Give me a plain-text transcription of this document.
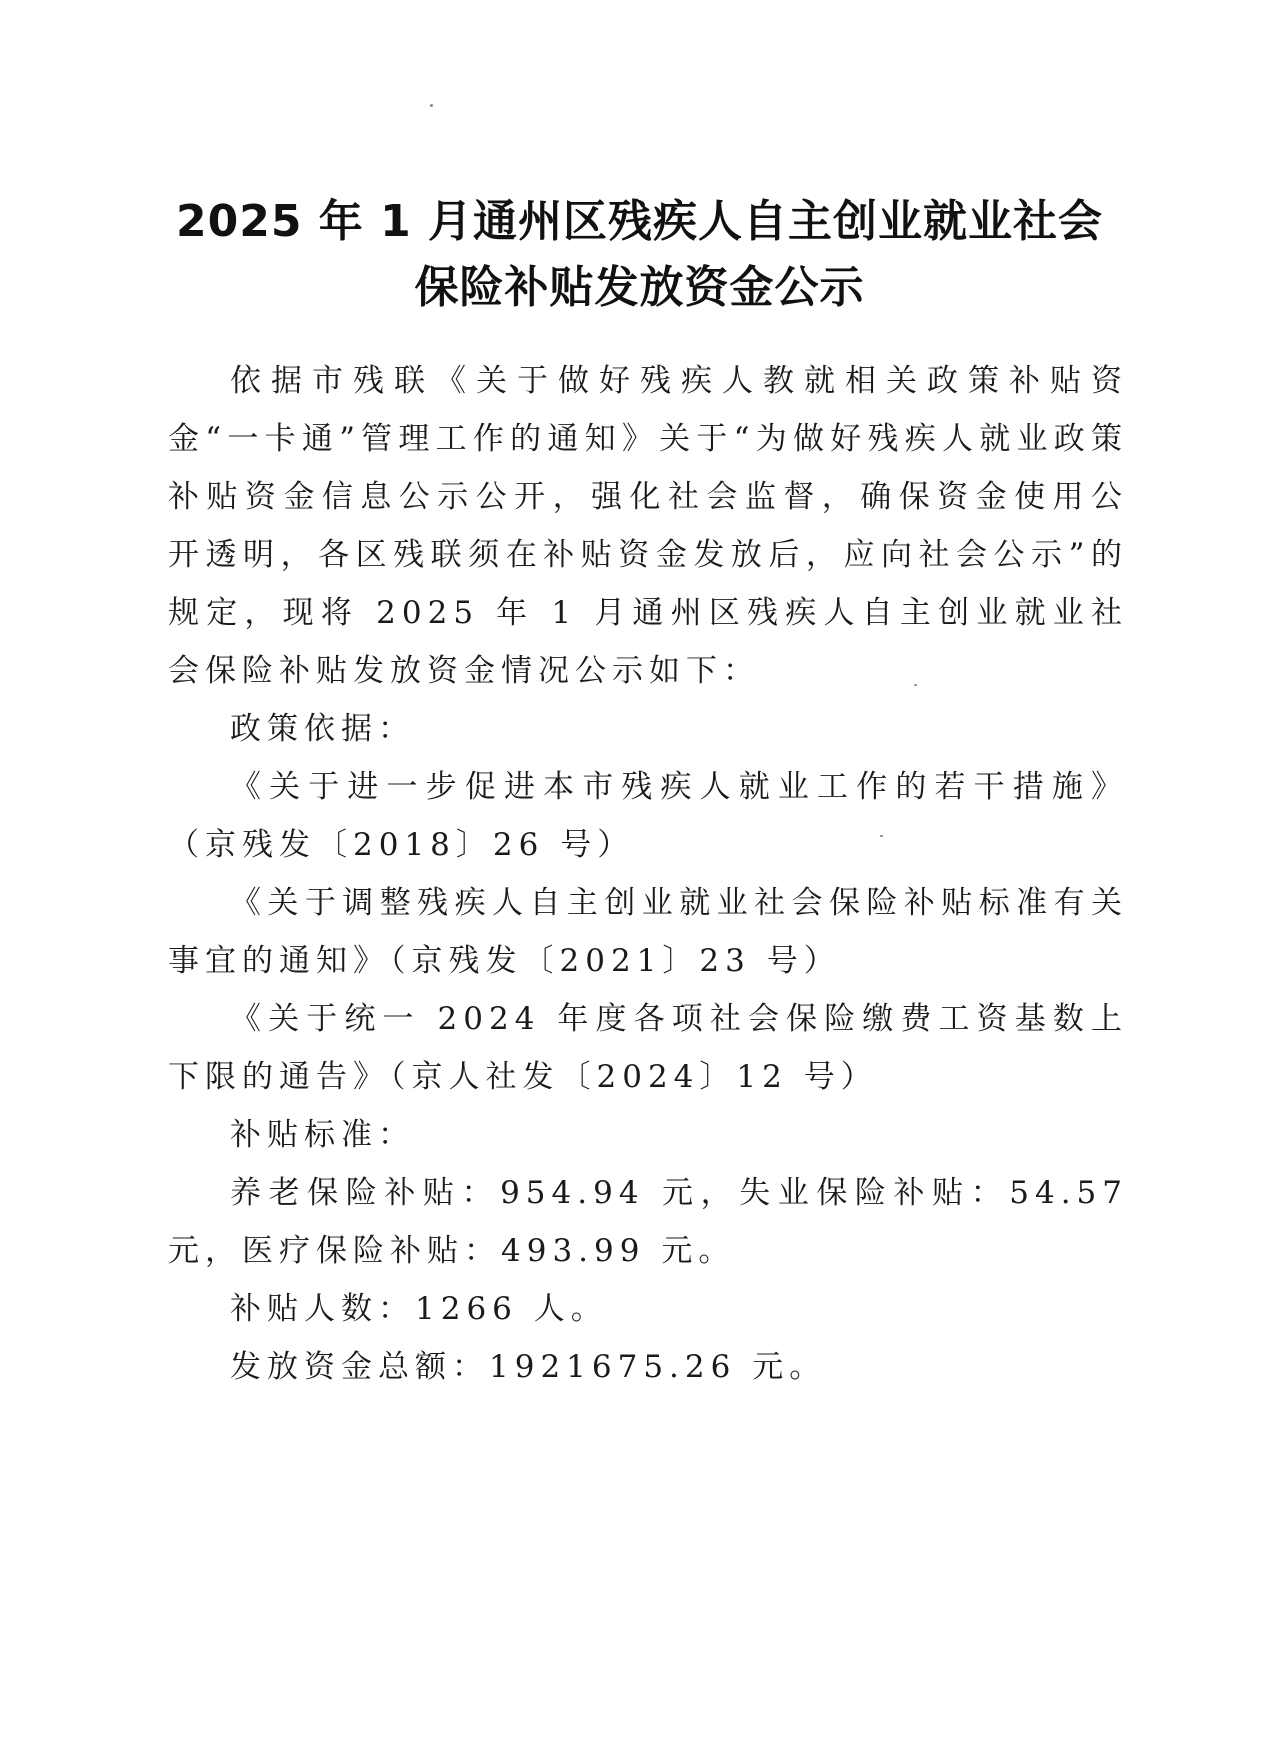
2025 年 1 月通州区残疾人自主创业就业社会
保险补贴发放资金公示

依据市残联《关于做好残疾人教就相关政策补贴资金“一卡通”管理工作的通知》关于“为做好残疾人就业政策补贴资金信息公示公开，强化社会监督，确保资金使用公开透明，各区残联须在补贴资金发放后，应向社会公示”的规定，现将 2025 年 1 月通州区残疾人自主创业就业社会保险补贴发放资金情况公示如下：

政策依据：

《关于进一步促进本市残疾人就业工作的若干措施》（京残发〔2018〕26 号）

《关于调整残疾人自主创业就业社会保险补贴标准有关事宜的通知》（京残发〔2021〕23 号）

《关于统一 2024 年度各项社会保险缴费工资基数上下限的通告》（京人社发〔2024〕12 号）

补贴标准：

养老保险补贴：954.94 元，失业保险补贴：54.57 元，医疗保险补贴：493.99 元。

补贴人数：1266 人。

发放资金总额：1921675.26 元。
